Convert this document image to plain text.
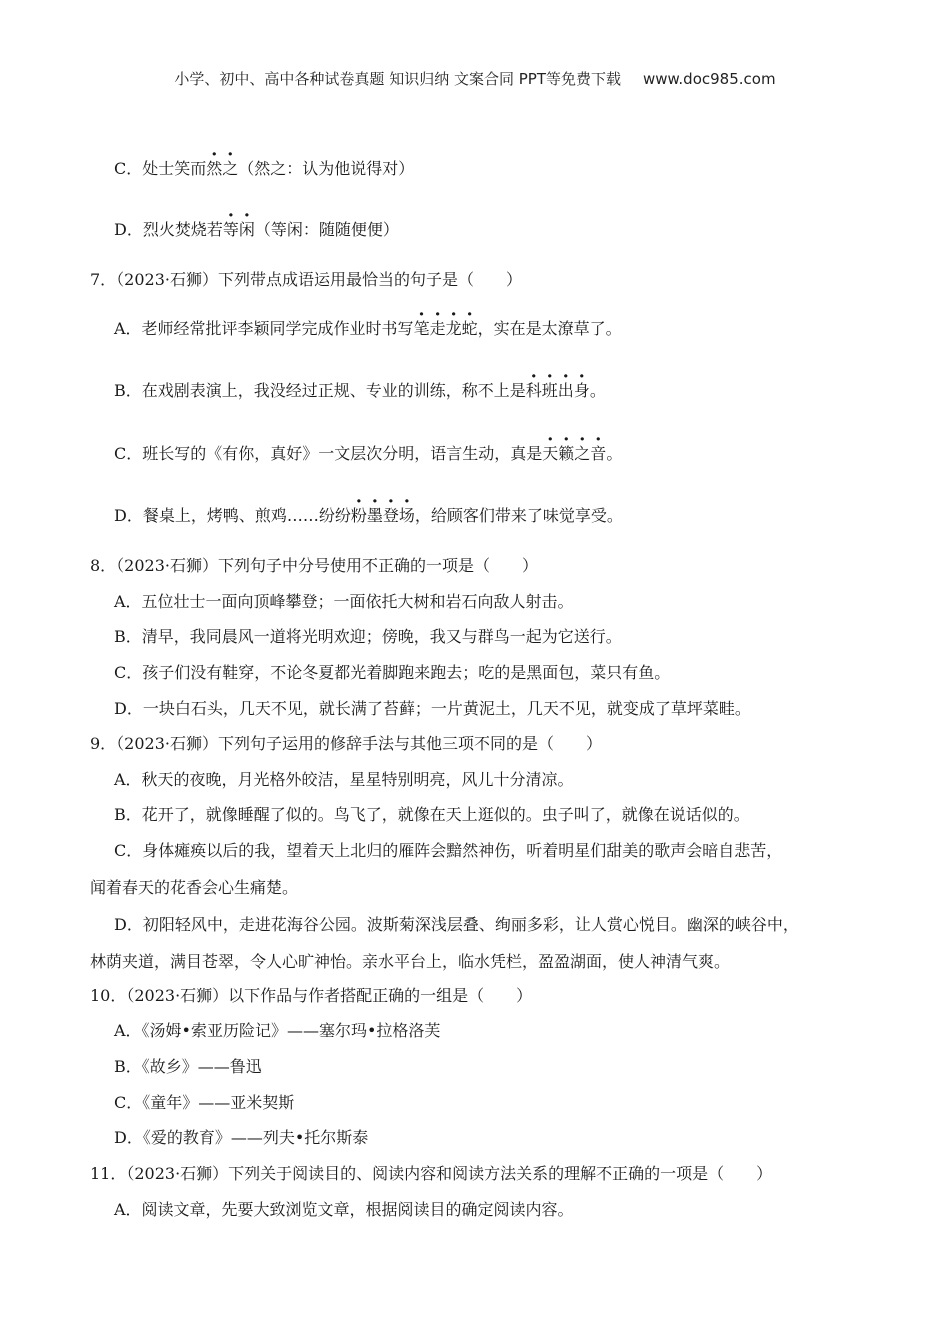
小学、初中、高中各种试卷真题 知识归纳 文案合同 PPT等免费下载 www.doc985.com
C．处士笑而然之（然之：认为他说得对）
D．烈火焚烧若等闲（等闲：随随便便）
7．（2023·石狮）下列带点成语运用最恰当的句子是（　　）
A．老师经常批评李颖同学完成作业时书写笔走龙蛇，实在是太潦草了。
B．在戏剧表演上，我没经过正规、专业的训练，称不上是科班出身。
C．班长写的《有你，真好》一文层次分明，语言生动，真是天籁之音。
D．餐桌上，烤鸭、煎鸡……纷纷粉墨登场，给顾客们带来了味觉享受。
8．（2023·石狮）下列句子中分号使用不正确的一项是（　　）
A．五位壮士一面向顶峰攀登；一面依托大树和岩石向敌人射击。
B．清早，我同晨风一道将光明欢迎；傍晚，我又与群鸟一起为它送行。
C．孩子们没有鞋穿，不论冬夏都光着脚跑来跑去；吃的是黑面包，菜只有鱼。
D．一块白石头，几天不见，就长满了苔藓；一片黄泥土，几天不见，就变成了草坪菜畦。
9．（2023·石狮）下列句子运用的修辞手法与其他三项不同的是（　　）
A．秋天的夜晚，月光格外皎洁，星星特别明亮，风儿十分清凉。
B．花开了，就像睡醒了似的。鸟飞了，就像在天上逛似的。虫子叫了，就像在说话似的。
C．身体瘫痪以后的我，望着天上北归的雁阵会黯然神伤，听着明星们甜美的歌声会暗自悲苦，
闻着春天的花香会心生痛楚。
D．初阳轻风中，走进花海谷公园。波斯菊深浅层叠、绚丽多彩，让人赏心悦目。幽深的峡谷中，
林荫夹道，满目苍翠，令人心旷神怡。亲水平台上，临水凭栏，盈盈湖面，使人神清气爽。
10．（2023·石狮）以下作品与作者搭配正确的一组是（　　）
A．《汤姆•索亚历险记》——塞尔玛•拉格洛芙
B．《故乡》——鲁迅
C．《童年》——亚米契斯
D．《爱的教育》——列夫•托尔斯泰
11．（2023·石狮）下列关于阅读目的、阅读内容和阅读方法关系的理解不正确的一项是（　　）
A．阅读文章，先要大致浏览文章，根据阅读目的确定阅读内容。
